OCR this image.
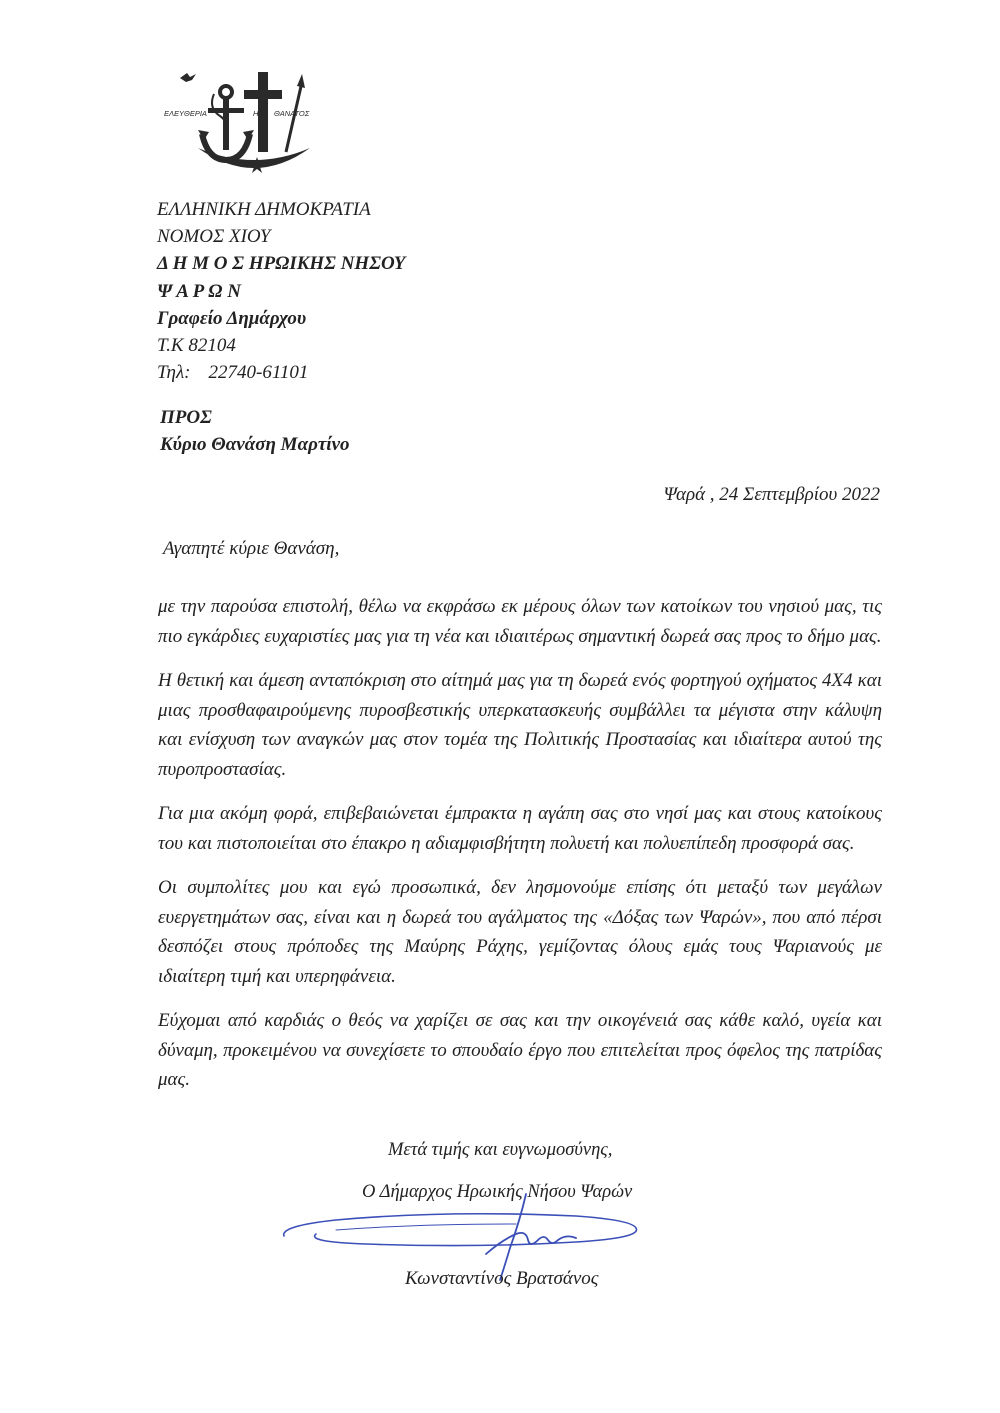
ΕΛΕΥΘΕΡΙΑ	Η ΘΑΝΑΤΟΣ
ΕΛΛΗΝΙΚΗ ΔΗΜΟΚΡΑΤΙΑ
ΝΟΜΟΣ ΧΙΟΥ
Δ Η Μ Ο Σ ΗΡΩΙΚΗΣ ΝΗΣΟΥ
Ψ Α Ρ Ω Ν
Γραφείο Δημάρχου
Τ.Κ 82104
Τηλ: 22740-61101
ΠΡΟΣ
Κύριο Θανάση Μαρτίνο
Ψαρά , 24 Σεπτεμβρίου 2022
Αγαπητέ κύριε Θανάση,

με την παρούσα επιστολή, θέλω να εκφράσω εκ μέρους όλων των κατοίκων του νησιού μας, τις πιο εγκάρδιες ευχαριστίες μας για τη νέα και ιδιαιτέρως σημαντική δωρεά σας προς το δήμο μας.

Η θετική και άμεση ανταπόκριση στο αίτημά μας για τη δωρεά ενός φορτηγού οχήματος 4Χ4 και μιας προσθαφαιρούμενης πυροσβεστικής υπερκατασκευής συμβάλλει τα μέγιστα στην κάλυψη και ενίσχυση των αναγκών μας στον τομέα της Πολιτικής Προστασίας και ιδιαίτερα αυτού της πυροπροστασίας.

Για μια ακόμη φορά, επιβεβαιώνεται έμπρακτα η αγάπη σας στο νησί μας και στους κατοίκους του και πιστοποιείται στο έπακρο η αδιαμφισβήτητη πολυετή και πολυεπίπεδη προσφορά σας.

Οι συμπολίτες μου και εγώ προσωπικά, δεν λησμονούμε επίσης ότι μεταξύ των μεγάλων ευεργετημάτων σας, είναι και η δωρεά του αγάλματος της «Δόξας των Ψαρών», που από πέρσι δεσπόζει στους πρόποδες της Μαύρης Ράχης, γεμίζοντας όλους εμάς τους Ψαριανούς με ιδιαίτερη τιμή και υπερηφάνεια.

Εύχομαι από καρδιάς ο θεός να χαρίζει σε σας και την οικογένειά σας κάθε καλό, υγεία και δύναμη, προκειμένου να συνεχίσετε το σπουδαίο έργο που επιτελείται προς όφελος της πατρίδας μας.

Μετά τιμής και ευγνωμοσύνης,
Ο Δήμαρχος Ηρωικής Νήσου Ψαρών
Κωνσταντίνος Βρατσάνος
